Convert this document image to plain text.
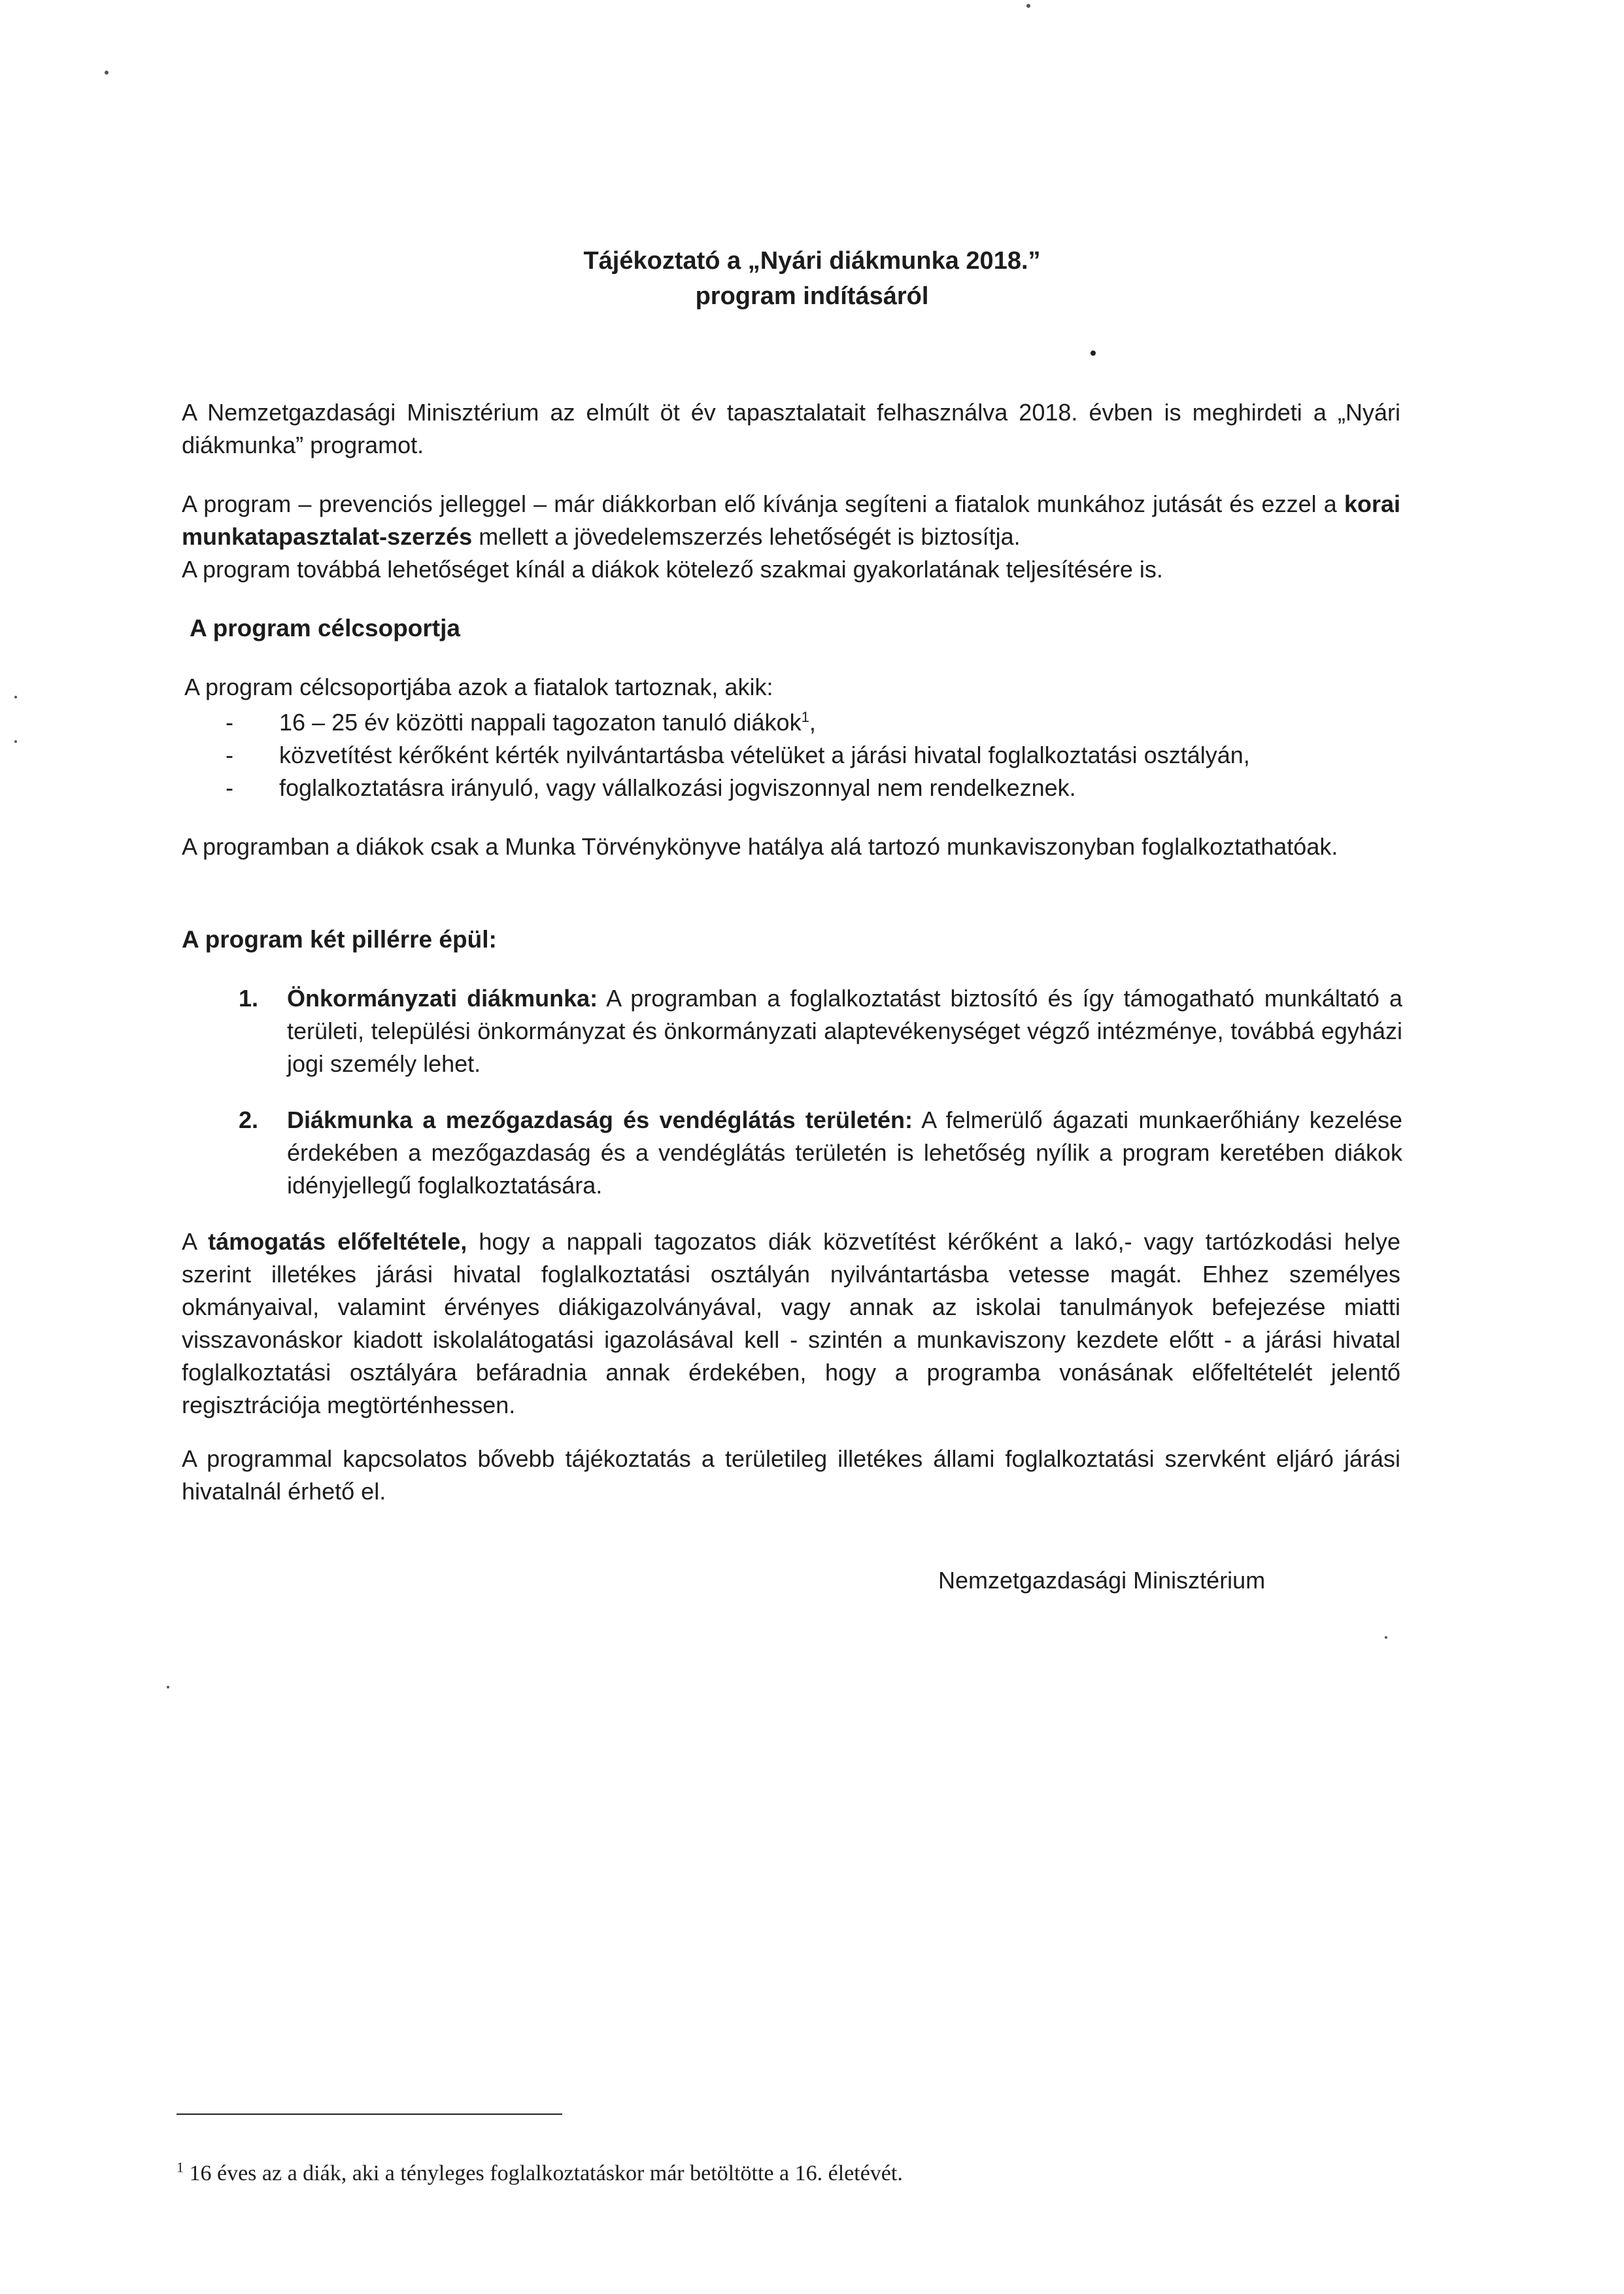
Tájékoztató a „Nyári diákmunka 2018.”
program indításáról
A Nemzetgazdasági Minisztérium az elmúlt öt év tapasztalatait felhasználva 2018. évben is meghirdeti a „Nyári diákmunka” programot.
A program – prevenciós jelleggel – már diákkorban elő kívánja segíteni a fiatalok munkához jutását és ezzel a korai munkatapasztalat-szerzés mellett a jövedelemszerzés lehetőségét is biztosítja.
A program továbbá lehetőséget kínál a diákok kötelező szakmai gyakorlatának teljesítésére is.
A program célcsoportja
A program célcsoportjába azok a fiatalok tartoznak, akik:
- 16 – 25 év közötti nappali tagozaton tanuló diákok$^1$,
- közvetítést kérőként kérték nyilvántartásba vételüket a járási hivatal foglalkoztatási osztályán,
- foglalkoztatásra irányuló, vagy vállalkozási jogviszonnyal nem rendelkeznek.
A programban a diákok csak a Munka Törvénykönyve hatálya alá tartozó munkaviszonyban foglalkoztathatóak.
A program két pillérre épül:
1. Önkormányzati diákmunka: A programban a foglalkoztatást biztosító és így támogatható munkáltató a területi, települési önkormányzat és önkormányzati alaptevékenységet végző intézménye, továbbá egyházi jogi személy lehet.
2. Diákmunka a mezőgazdaság és vendéglátás területén: A felmerülő ágazati munkaerőhiány kezelése érdekében a mezőgazdaság és a vendéglátás területén is lehetőség nyílik a program keretében diákok idényjellegű foglalkoztatására.
A támogatás előfeltétele, hogy a nappali tagozatos diák közvetítést kérőként a lakó,- vagy tartózkodási helye szerint illetékes járási hivatal foglalkoztatási osztályán nyilvántartásba vetesse magát. Ehhez személyes okmányaival, valamint érvényes diákigazolványával, vagy annak az iskolai tanulmányok befejezése miatti visszavonáskor kiadott iskolalátogatási igazolásával kell - szintén a munkaviszony kezdete előtt - a járási hivatal foglalkoztatási osztályára befáradnia annak érdekében, hogy a programba vonásának előfeltételét jelentő regisztrációja megtörténhessen.
A programmal kapcsolatos bővebb tájékoztatás a területileg illetékes állami foglalkoztatási szervként eljáró járási hivatalnál érhető el.
Nemzetgazdasági Minisztérium
$^1$ 16 éves az a diák, aki a tényleges foglalkoztatáskor már betöltötte a 16. életévét.
